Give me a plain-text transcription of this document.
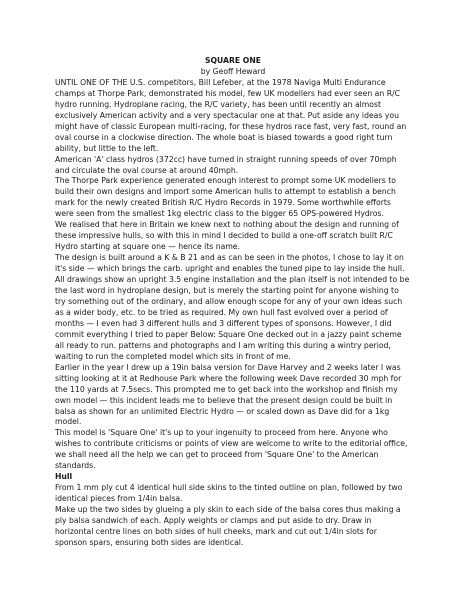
SQUARE ONE

by Geoff Heward

UNTIL ONE OF THE U.S. competitors, Bill Lefeber, at the 1978 Naviga Multi Endurance champs at Thorpe Park, demonstrated his model, few UK modellers had ever seen an R/C hydro running. Hydroplane racing, the R/C variety, has been until recently an almost exclusively American activity and a very spectacular one at that. Put aside any ideas you might have of classic European multi-racing, for these hydros race fast, very fast, round an oval course in a clockwise direction. The whole boat is biased towards a good right turn ability, but little to the left.

American 'A' class hydros (372cc) have turned in straight running speeds of over 70mph and circulate the oval course at around 40mph.

The Thorpe Park experience generated enough interest to prompt some UK modellers to build their own designs and import some American hulls to attempt to establish a bench mark for the newly created British R/C Hydro Records in 1979. Some worthwhile efforts were seen from the smallest 1kg electric class to the bigger 65 OPS-powered Hydros.

We realised that here in Britain we knew next to nothing about the design and running of these impressive hulls, so with this in mind I decided to build a one-off scratch built R/C Hydro starting at square one — hence its name.

The design is built around a K & B 21 and as can be seen in the photos, I chose to lay it on it's side — which brings the carb. upright and enables the tuned pipe to lay inside the hull. All drawings show an upright 3.5 engine installation and the plan itself is not intended to be the last word in hydroplane design, but is merely the starting point for anyone wishing to try something out of the ordinary, and allow enough scope for any of your own ideas such as a wider body, etc. to be tried as required. My own hull fast evolved over a period of months — I even had 3 different hulls and 3 different types of sponsons. However, I did commit everything I tried to paper Below: Square One decked out in a jazzy paint scheme all ready to run. patterns and photographs and I am writing this during a wintry period, waiting to run the completed model which sits in front of me.

Earlier in the year I drew up a 19in balsa version for Dave Harvey and 2 weeks later I was sitting looking at it at Redhouse Park where the following week Dave recorded 30 mph for the 110 yards at 7.5secs. This prompted me to get back into the workshop and finish my own model — this incident leads me to believe that the present design could be built in balsa as shown for an unlimited Electric Hydro — or scaled down as Dave did for a 1kg model.

This model is 'Square One' it's up to your ingenuity to proceed from here. Anyone who wishes to contribute criticisms or points of view are welcome to write to the editorial office, we shall need all the help we can get to proceed from 'Square One' to the American standards.

Hull

From 1 mm ply cut 4 identical hull side skins to the tinted outline on plan, followed by two identical pieces from 1/4in balsa.

Make up the two sides by glueing a ply skin to each side of the balsa cores thus making a ply balsa sandwich of each. Apply weights or clamps and put aside to dry. Draw in horizontal centre lines on both sides of hull cheeks, mark and cut out 1/4in slots for sponson spars, ensuring both sides are identical.
